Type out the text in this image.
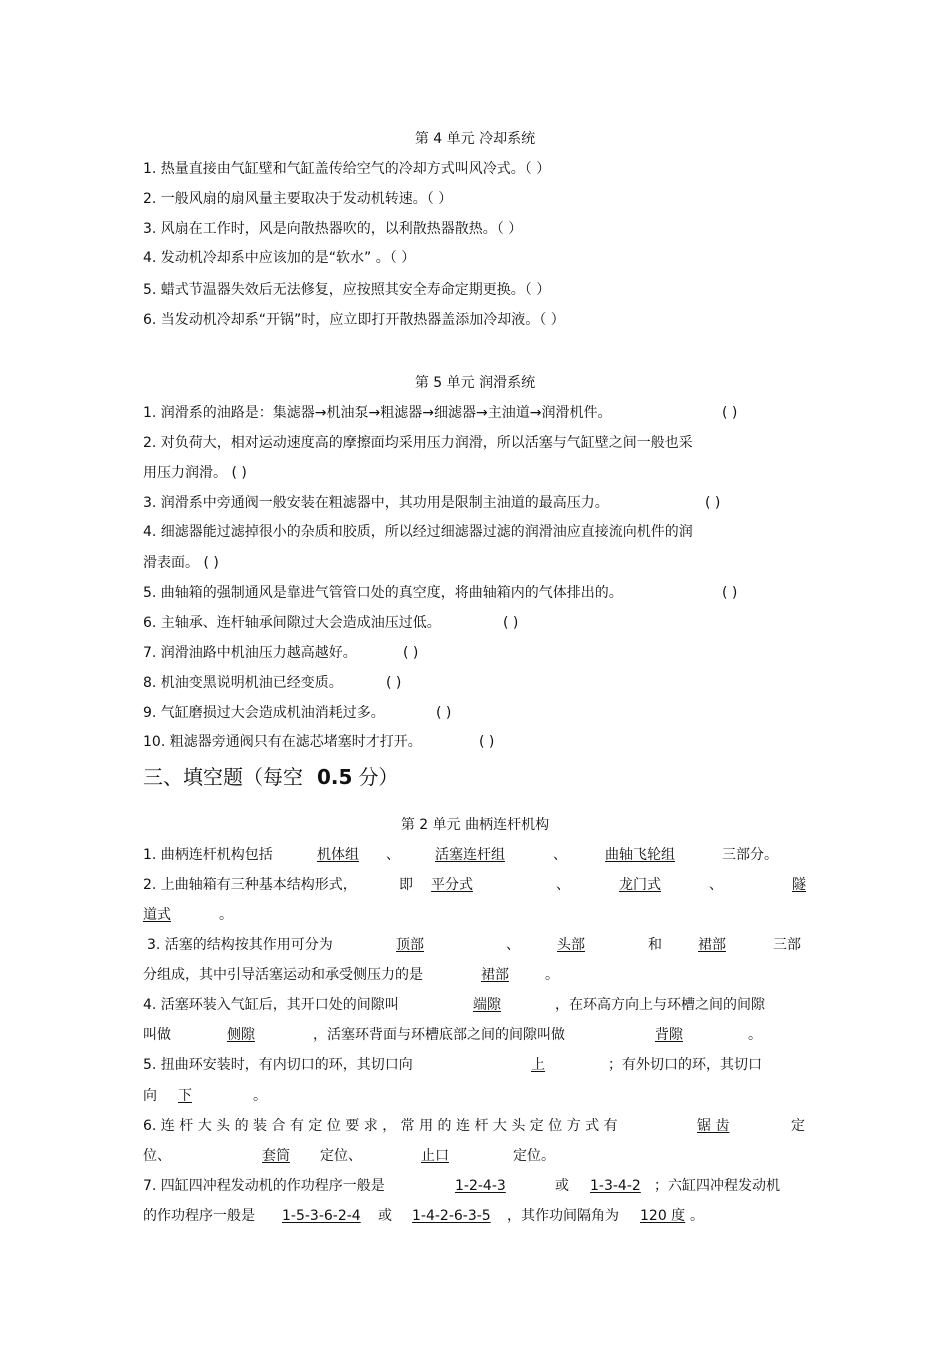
第 4 单元 冷却系统
1. 热量直接由气缸壁和气缸盖传给空气的冷却方式叫风冷式。（ ）
2. 一般风扇的扇风量主要取决于发动机转速。（ ）
3. 风扇在工作时，风是向散热器吹的，以利散热器散热。（ ）
4. 发动机冷却系中应该加的是“软水” 。（ ）
5. 蜡式节温器失效后无法修复，应按照其安全寿命定期更换。（ ）
6. 当发动机冷却系“开锅”时，应立即打开散热器盖添加冷却液。（ ）
第 5 单元 润滑系统
1. 润滑系的油路是：集滤器→机油泵→粗滤器→细滤器→主油道→润滑机件。	( )
2. 对负荷大，相对运动速度高的摩擦面均采用压力润滑，所以活塞与气缸壁之间一般也采
用压力润滑。 ( )
3. 润滑系中旁通阀一般安装在粗滤器中，其功用是限制主油道的最高压力。	( )
4. 细滤器能过滤掉很小的杂质和胶质，所以经过细滤器过滤的润滑油应直接流向机件的润
滑表面。 ( )
5. 曲轴箱的强制通风是靠进气管管口处的真空度，将曲轴箱内的气体排出的。	( )
6. 主轴承、连杆轴承间隙过大会造成油压过低。	( )
7. 润滑油路中机油压力越高越好。	( )
8. 机油变黑说明机油已经变质。	( )
9. 气缸磨损过大会造成机油消耗过多。	( )
10. 粗滤器旁通阀只有在滤芯堵塞时才打开。	( )
三、填空题（每空 0.5 分）
第 2 单元 曲柄连杆机构
1. 曲柄连杆机构包括	机体组	、	活塞连杆组	、	曲轴飞轮组	三部分。
2. 上曲轴箱有三种基本结构形式，	即	平分式	、	龙门式	、	隧
道式	。
3. 活塞的结构按其作用可分为	顶部	、	头部	和	裙部	三部
分组成，其中引导活塞运动和承受侧压力的是	裙部	。
4. 活塞环装入气缸后，其开口处的间隙叫	端隙	，在环高方向上与环槽之间的间隙
叫做	侧隙	，活塞环背面与环槽底部之间的间隙叫做	背隙	。
5. 扭曲环安装时，有内切口的环，其切口向	上	；有外切口的环，其切口
向	下	。
6. 连 杆 大 头 的 装 合 有 定 位 要 求 ， 常 用 的 连 杆 大 头 定 位 方 式 有	锯 齿	定
位、	套筒	定位、	止口	定位。
7. 四缸四冲程发动机的作功程序一般是	1-2-4-3	或	1-3-4-2 ；六缸四冲程发动机
的作功程序一般是	1-5-3-6-2-4	或	1-4-2-6-3-5	，其作功间隔角为 120 度 。
